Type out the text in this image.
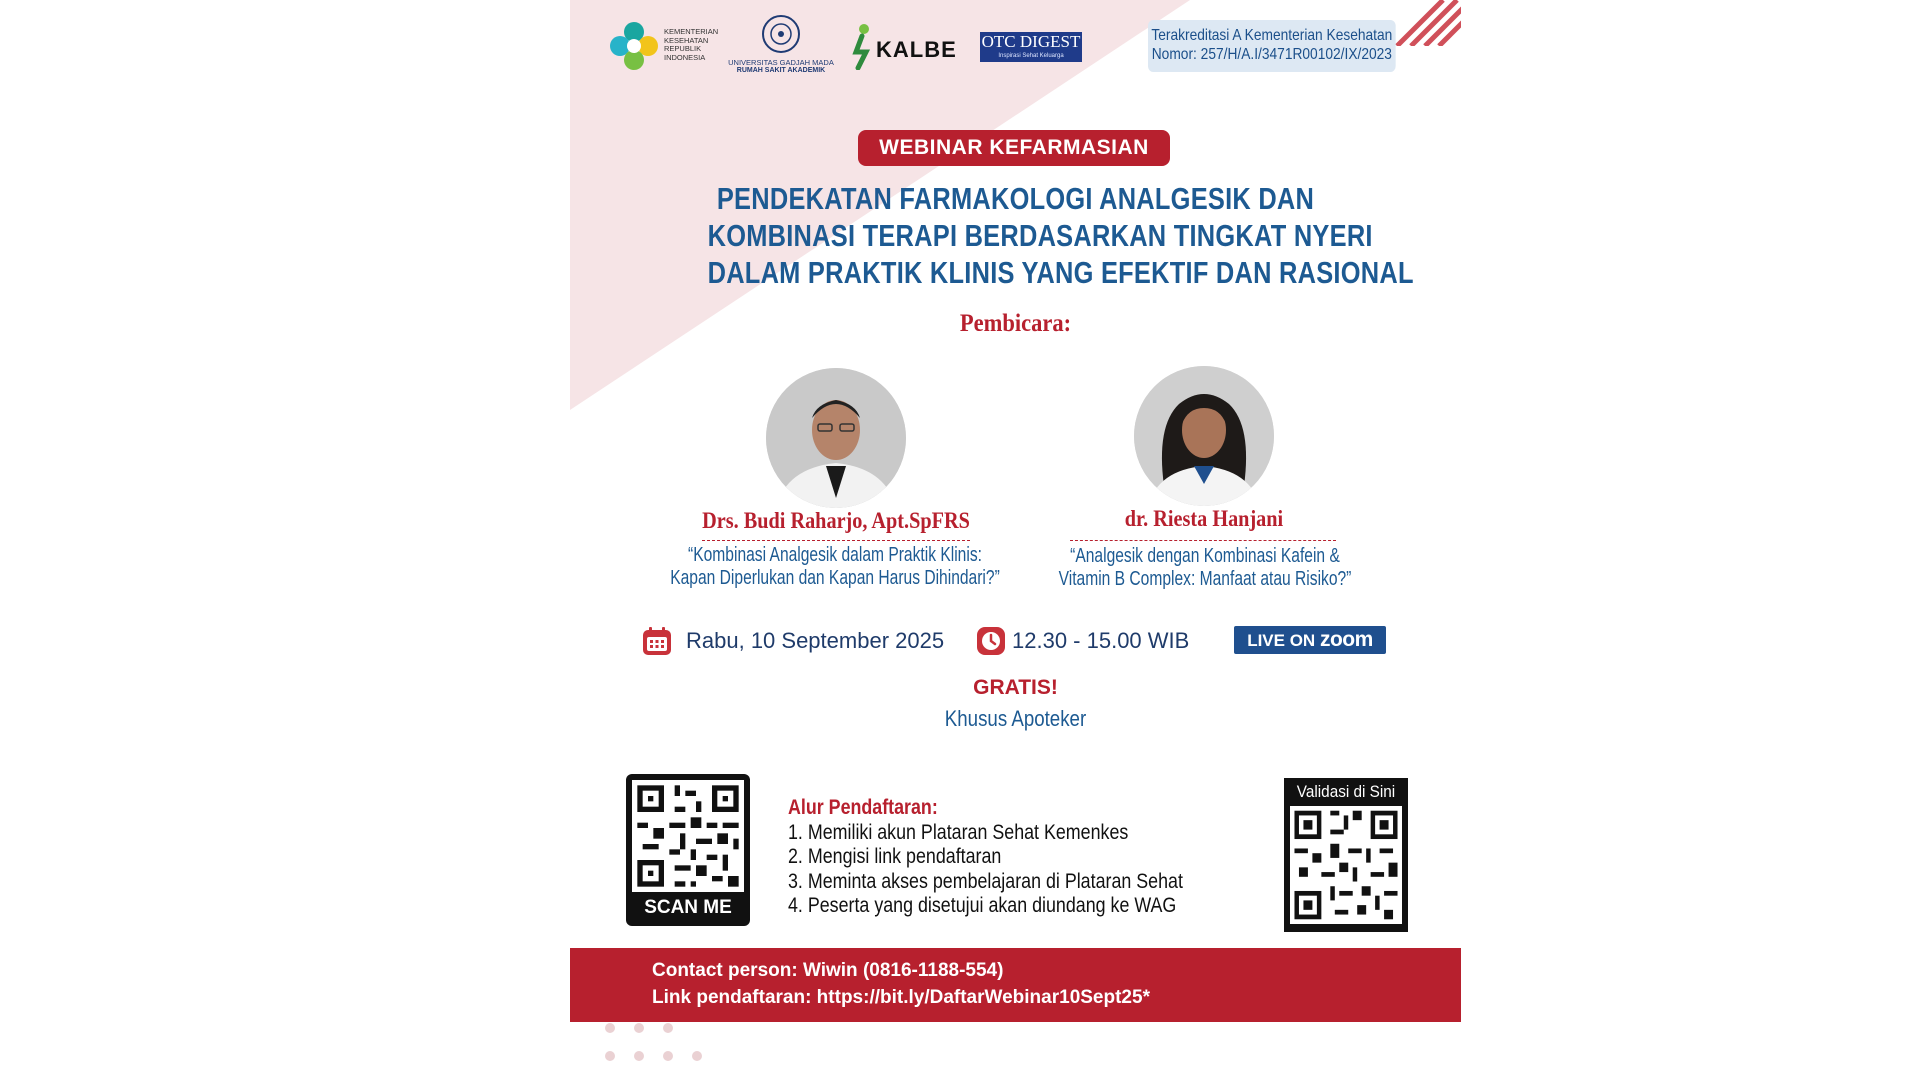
KEMENTERIAN KESEHATAN REPUBLIK INDONESIA
UNIVERSITAS GADJAH MADA
RUMAH SAKIT AKADEMIK
KALBE OTC DIGEST
Inspirasi Sehat Keluarga
Terakreditasi A Kementerian Kesehatan
Nomor: 257/H/A.I/3471R00102/IX/2023
WEBINAR KEFARMASIAN
PENDEKATAN FARMAKOLOGI ANALGESIK DAN
KOMBINASI TERAPI BERDASARKAN TINGKAT NYERI
DALAM PRAKTIK KLINIS YANG EFEKTIF DAN RASIONAL
Pembicara:
Drs. Budi Raharjo, Apt.SpFRS
“Kombinasi Analgesik dalam Praktik Klinis:
Kapan Diperlukan dan Kapan Harus Dihindari?”
dr. Riesta Hanjani
“Analgesik dengan Kombinasi Kafein &
Vitamin B Complex: Manfaat atau Risiko?”
Rabu, 10 September 2025	12.30 - 15.00 WIB	LIVE ON zoom
GRATIS!
Khusus Apoteker
SCAN ME
Alur Pendaftaran:
1. Memiliki akun Plataran Sehat Kemenkes
2. Mengisi link pendaftaran
3. Meminta akses pembelajaran di Plataran Sehat
4. Peserta yang disetujui akan diundang ke WAG
Validasi di Sini
Contact person: Wiwin (0816-1188-554)
Link pendaftaran: https://bit.ly/DaftarWebinar10Sept25*
